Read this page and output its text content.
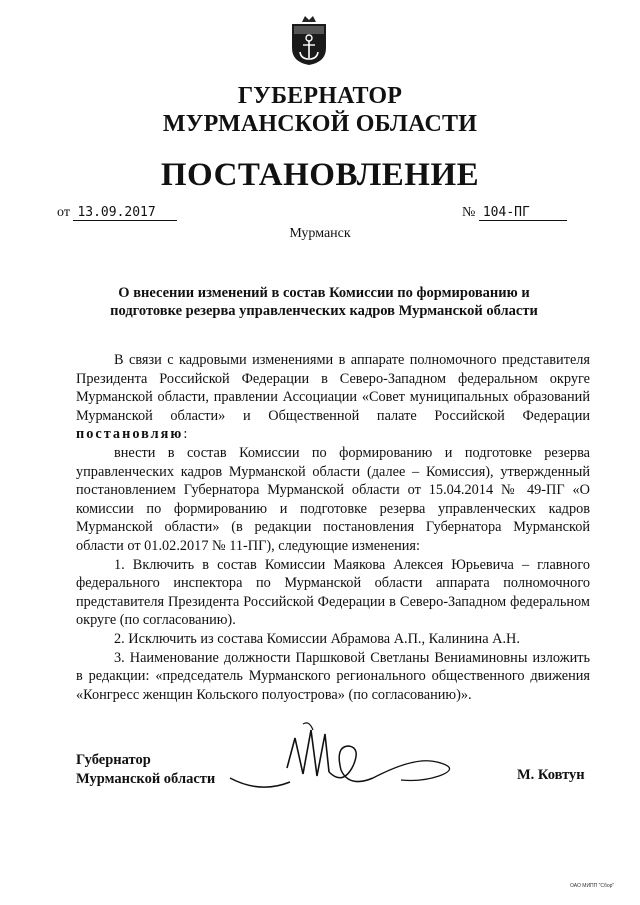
ГУБЕРНАТОР
МУРМАНСКОЙ ОБЛАСТИ
ПОСТАНОВЛЕНИЕ
от 13.09.2017	№ 104-ПГ
Мурманск
О внесении изменений в состав Комиссии по формированию и
подготовке резерва управленческих кадров Мурманской области

В связи с кадровыми изменениями в аппарате полномочного представителя Президента Российской Федерации в Северо-Западном федеральном округе Мурманской области, правлении Ассоциации «Совет муниципальных образований Мурманской области» и Общественной палате Российской Федерации постановляю:

внести в состав Комиссии по формированию и подготовке резерва управленческих кадров Мурманской области (далее – Комиссия), утвержденный постановлением Губернатора Мурманской области от 15.04.2014 № 49-ПГ «О комиссии по формированию и подготовке резерва управленческих кадров Мурманской области» (в редакции постановления Губернатора Мурманской области от 01.02.2017 № 11-ПГ), следующие изменения:

1. Включить в состав Комиссии Маякова Алексея Юрьевича – главного федерального инспектора по Мурманской области аппарата полномочного представителя Президента Российской Федерации в Северо-Западном федеральном округе (по согласованию).

2. Исключить из состава Комиссии Абрамова А.П., Калинина А.Н.

3. Наименование должности Паршковой Светланы Вениаминовны изложить в редакции: «председатель Мурманского регионального общественного движения «Конгресс женщин Кольского полуострова» (по согласованию)».

Губернатор
Мурманской области	М. Ковтун
ОАО МИПП "Сбор"
